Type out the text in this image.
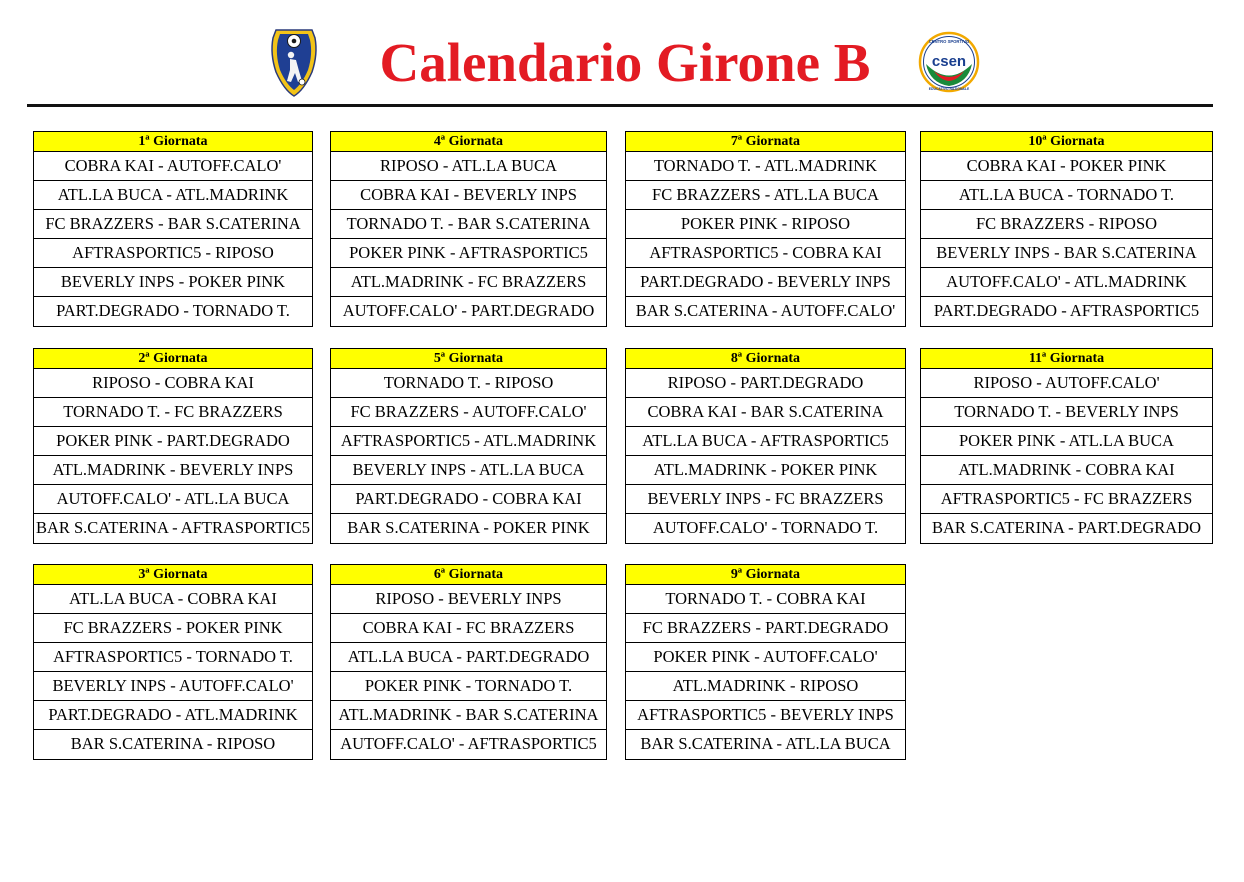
Calendario Girone B	CENTRO SPORTIVO
csen
EDUCATIVO NAZIONALE
1ª Giornata
COBRA KAI - AUTOFF.CALO'
ATL.LA BUCA - ATL.MADRINK
FC BRAZZERS - BAR S.CATERINA
AFTRASPORTIC5 - RIPOSO
BEVERLY INPS - POKER PINK
PART.DEGRADO - TORNADO T.
4ª Giornata
RIPOSO - ATL.LA BUCA
COBRA KAI - BEVERLY INPS
TORNADO T. - BAR S.CATERINA
POKER PINK - AFTRASPORTIC5
ATL.MADRINK - FC BRAZZERS
AUTOFF.CALO' - PART.DEGRADO
7ª Giornata
TORNADO T. - ATL.MADRINK
FC BRAZZERS - ATL.LA BUCA
POKER PINK - RIPOSO
AFTRASPORTIC5 - COBRA KAI
PART.DEGRADO - BEVERLY INPS
BAR S.CATERINA - AUTOFF.CALO'
10ª Giornata
COBRA KAI - POKER PINK
ATL.LA BUCA - TORNADO T.
FC BRAZZERS - RIPOSO
BEVERLY INPS - BAR S.CATERINA
AUTOFF.CALO' - ATL.MADRINK
PART.DEGRADO - AFTRASPORTIC5
2ª Giornata
RIPOSO - COBRA KAI
TORNADO T. - FC BRAZZERS
POKER PINK - PART.DEGRADO
ATL.MADRINK - BEVERLY INPS
AUTOFF.CALO' - ATL.LA BUCA
BAR S.CATERINA - AFTRASPORTIC5
5ª Giornata
TORNADO T. - RIPOSO
FC BRAZZERS - AUTOFF.CALO'
AFTRASPORTIC5 - ATL.MADRINK
BEVERLY INPS - ATL.LA BUCA
PART.DEGRADO - COBRA KAI
BAR S.CATERINA - POKER PINK
8ª Giornata
RIPOSO - PART.DEGRADO
COBRA KAI - BAR S.CATERINA
ATL.LA BUCA - AFTRASPORTIC5
ATL.MADRINK - POKER PINK
BEVERLY INPS - FC BRAZZERS
AUTOFF.CALO' - TORNADO T.
11ª Giornata
RIPOSO - AUTOFF.CALO'
TORNADO T. - BEVERLY INPS
POKER PINK - ATL.LA BUCA
ATL.MADRINK - COBRA KAI
AFTRASPORTIC5 - FC BRAZZERS
BAR S.CATERINA - PART.DEGRADO
3ª Giornata
ATL.LA BUCA - COBRA KAI
FC BRAZZERS - POKER PINK
AFTRASPORTIC5 - TORNADO T.
BEVERLY INPS - AUTOFF.CALO'
PART.DEGRADO - ATL.MADRINK
BAR S.CATERINA - RIPOSO
6ª Giornata
RIPOSO - BEVERLY INPS
COBRA KAI - FC BRAZZERS
ATL.LA BUCA - PART.DEGRADO
POKER PINK - TORNADO T.
ATL.MADRINK - BAR S.CATERINA
AUTOFF.CALO' - AFTRASPORTIC5
9ª Giornata
TORNADO T. - COBRA KAI
FC BRAZZERS - PART.DEGRADO
POKER PINK - AUTOFF.CALO'
ATL.MADRINK - RIPOSO
AFTRASPORTIC5 - BEVERLY INPS
BAR S.CATERINA - ATL.LA BUCA
